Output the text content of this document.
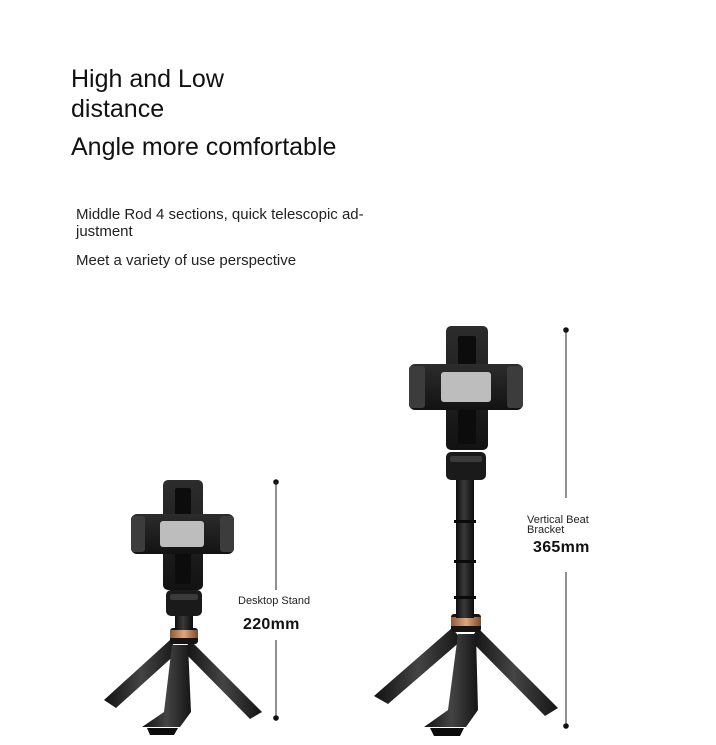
High and Low
distance
Angle more comfortable
Middle Rod 4 sections, quick telescopic ad-justment
Meet a variety of use perspective
Desktop Stand
220mm
Vertical Beat
Bracket
365mm
